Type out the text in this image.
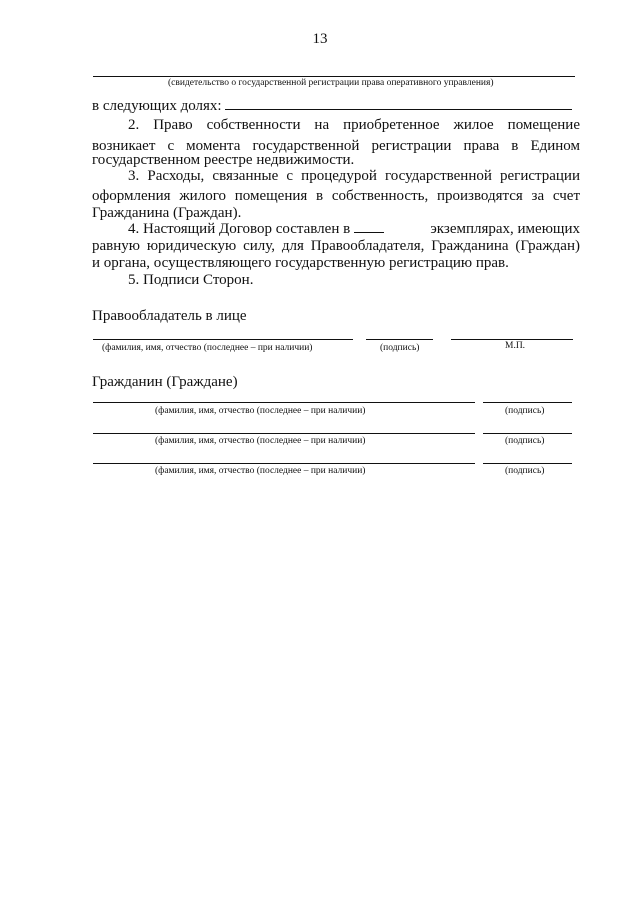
13
(свидетельство о государственной регистрации права оперативного управления)
в следующих долях:
2. Право собственности на приобретенное жилое помещение
возникает с момента государственной регистрации права в Едином
государственном реестре недвижимости.
3. Расходы, связанные с процедурой государственной регистрации
оформления жилого помещения в собственность, производятся за счет
Гражданина (Граждан).
4. Настоящий Договор составлен в	экземплярах, имеющих
равную юридическую силу, для Правообладателя, Гражданина (Граждан)
и органа, осуществляющего государственную регистрацию прав.
5. Подписи Сторон.
Правообладатель в лице
(фамилия, имя, отчество (последнее – при наличии)	(подпись)	М.П.
Гражданин (Граждане)
(фамилия, имя, отчество (последнее – при наличии)	(подпись)
(фамилия, имя, отчество (последнее – при наличии)	(подпись)
(фамилия, имя, отчество (последнее – при наличии)	(подпись)
